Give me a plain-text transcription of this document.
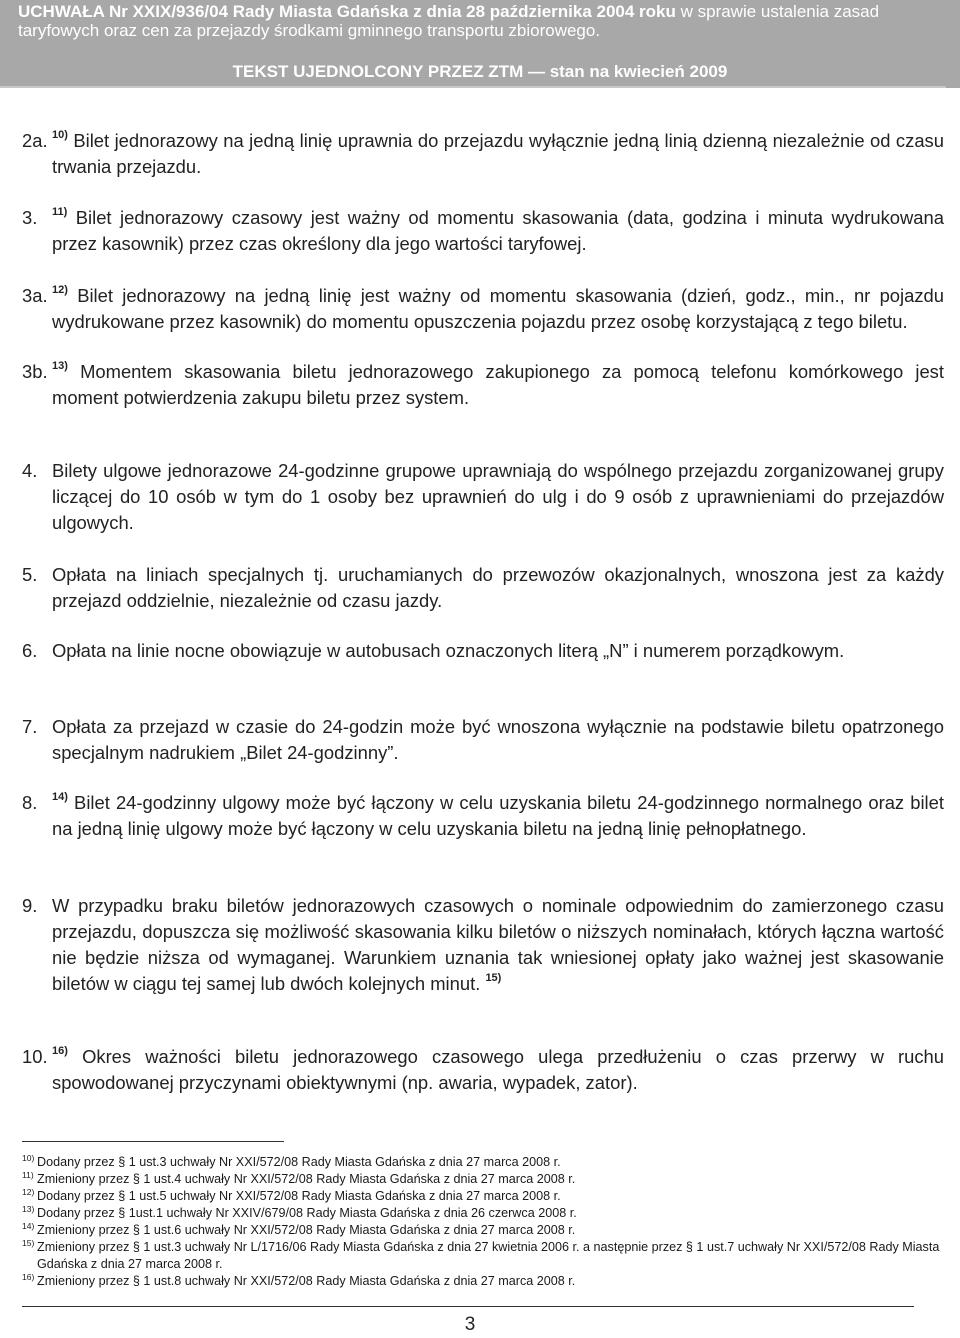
UCHWAŁA Nr XXIX/936/04 Rady Miasta Gdańska z dnia 28 października 2004 roku w sprawie ustalenia zasad taryfowych oraz cen za przejazdy środkami gminnego transportu zbiorowego.
TEKST UJEDNOLCONY PRZEZ ZTM — stan na kwiecień 2009
2a. $^{10)}$ Bilet jednorazowy na jedną linię uprawnia do przejazdu wyłącznie jedną linią dzienną niezależnie od czasu trwania przejazdu.
3.	$^{11)}$ Bilet jednorazowy czasowy jest ważny od momentu skasowania (data, godzina i minuta wydrukowana przez kasownik) przez czas określony dla jego wartości taryfowej.
3a. $^{12)}$ Bilet jednorazowy na jedną linię jest ważny od momentu skasowania (dzień, godz., min., nr pojazdu wydrukowane przez kasownik) do momentu opuszczenia pojazdu przez osobę korzystającą z tego biletu.
3b. $^{13)}$ Momentem skasowania biletu jednorazowego zakupionego za pomocą telefonu komórkowego jest moment potwierdzenia zakupu biletu przez system.
4. Bilety ulgowe jednorazowe 24-godzinne grupowe uprawniają do wspólnego przejazdu zorganizowanej grupy liczącej do 10 osób w tym do 1 osoby bez uprawnień do ulg i do 9 osób z uprawnieniami do przejazdów ulgowych.
5. Opłata na liniach specjalnych tj. uruchamianych do przewozów okazjonalnych, wnoszona jest za każdy przejazd oddzielnie, niezależnie od czasu jazdy.
6. Opłata na linie nocne obowiązuje w autobusach oznaczonych literą „N” i numerem porządkowym.
7. Opłata za przejazd w czasie do 24-godzin może być wnoszona wyłącznie na podstawie biletu opatrzonego specjalnym nadrukiem „Bilet 24-godzinny”.
8.	$^{14)}$ Bilet 24-godzinny ulgowy może być łączony w celu uzyskania biletu 24-godzinnego normalnego oraz bilet na jedną linię ulgowy może być łączony w celu uzyskania biletu na jedną linię pełnopłatnego.
9. W przypadku braku biletów jednorazowych czasowych o nominale odpowiednim do zamierzonego czasu przejazdu, dopuszcza się możliwość skasowania kilku biletów o niższych nominałach, których łączna wartość nie będzie niższa od wymaganej. Warunkiem uznania tak wniesionej opłaty jako ważnej jest skasowanie biletów w ciągu tej samej lub dwóch kolejnych minut. $^{15)}$
10. $^{16)}$ Okres ważności biletu jednorazowego czasowego ulega przedłużeniu o czas przerwy w ruchu spowodowanej przyczynami obiektywnymi (np. awaria, wypadek, zator).
10) Dodany przez § 1 ust.3 uchwały Nr XXI/572/08 Rady Miasta Gdańska z dnia 27 marca 2008 r.
11) Zmieniony przez § 1 ust.4 uchwały Nr XXI/572/08 Rady Miasta Gdańska z dnia 27 marca 2008 r.
12) Dodany przez § 1 ust.5 uchwały Nr XXI/572/08 Rady Miasta Gdańska z dnia 27 marca 2008 r.
13) Dodany przez § 1ust.1 uchwały Nr XXIV/679/08 Rady Miasta Gdańska z dnia 26 czerwca 2008 r.
14) Zmieniony przez § 1 ust.6 uchwały Nr XXI/572/08 Rady Miasta Gdańska z dnia 27 marca 2008 r.
15) Zmieniony przez § 1 ust.3 uchwały Nr L/1716/06 Rady Miasta Gdańska z dnia 27 kwietnia 2006 r. a następnie przez § 1 ust.7 uchwały Nr XXI/572/08 Rady Miasta Gdańska z dnia 27 marca 2008 r.
16) Zmieniony przez § 1 ust.8 uchwały Nr XXI/572/08 Rady Miasta Gdańska z dnia 27 marca 2008 r.
3
